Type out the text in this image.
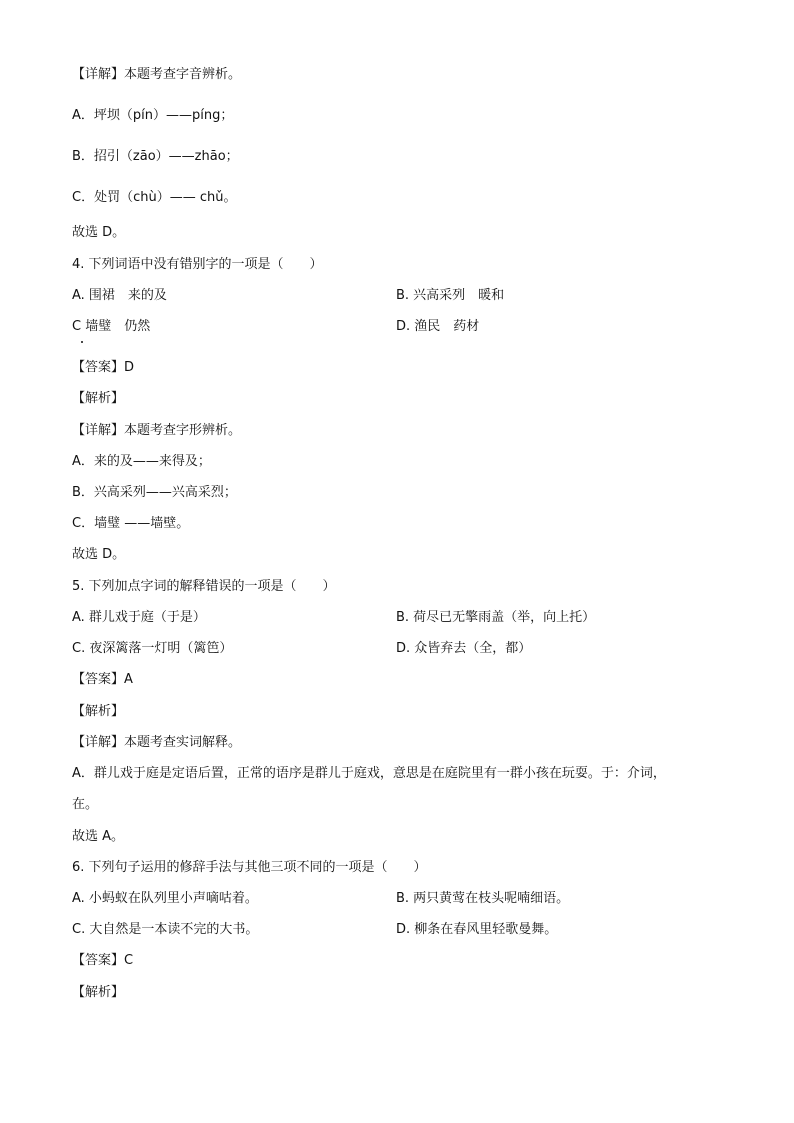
【详解】本题考查字音辨析。
A．坪坝（pín）——píng；
B．招引（zāo）——zhāo；
C．处罚（chù）—— chǔ。
故选 D。
4. 下列词语中没有错别字的一项是（　　）
A. 围裙　来的及	B. 兴高采列　暖和
C 墙璧　仍然	D. 渔民　药材
【答案】D
【解析】
【详解】本题考查字形辨析。
A．来的及——来得及；
B．兴高采列——兴高采烈；
C．墙璧 ——墙壁。
故选 D。
5. 下列加点字词的解释错误的一项是（　　）
A. 群儿戏于庭（于是）	B. 荷尽已无擎雨盖（举，向上托）
C. 夜深篱落一灯明（篱笆）	D. 众皆弃去（全，都）
【答案】A
【解析】
【详解】本题考查实词解释。
A．群儿戏于庭是定语后置，正常的语序是群儿于庭戏，意思是在庭院里有一群小孩在玩耍。于：介词，
在。
故选 A。
6. 下列句子运用的修辞手法与其他三项不同的一项是（　　）
A. 小蚂蚁在队列里小声嘀咕着。	B. 两只黄莺在枝头呢喃细语。
C. 大自然是一本读不完的大书。	D. 柳条在春风里轻歌曼舞。
【答案】C
【解析】
